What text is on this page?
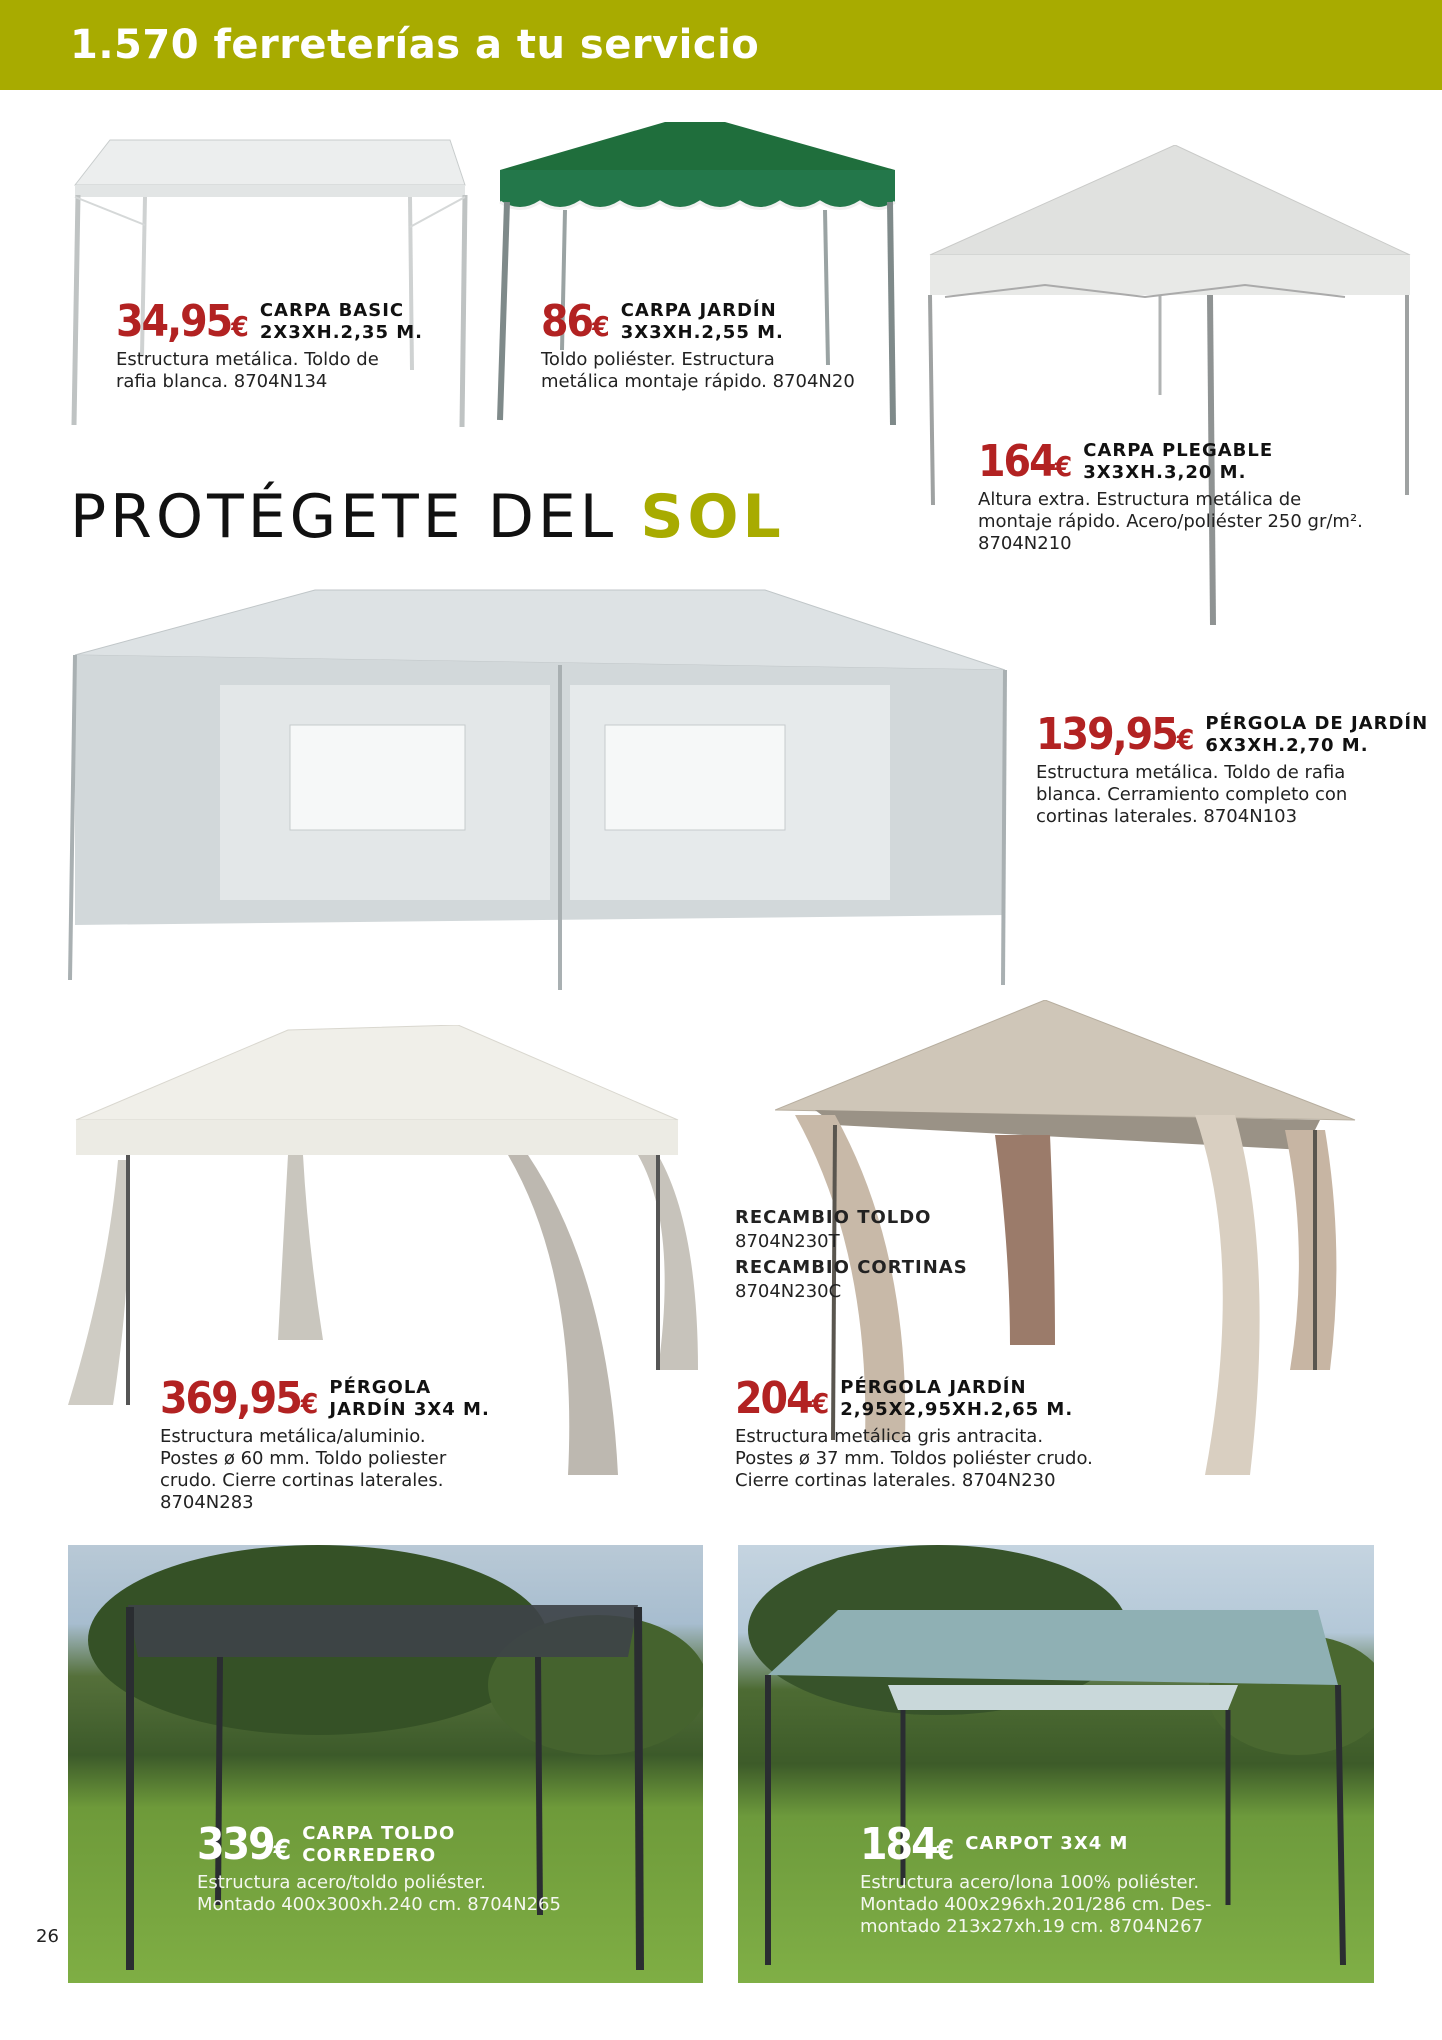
1.570 ferreterías a tu servicio
PROTÉGETE DEL SOL
34,95€ CARPA BASIC
2X3XH.2,35 M.
Estructura metálica. Toldo de
rafia blanca. 8704N134
86€ CARPA JARDÍN
3X3XH.2,55 M.
Toldo poliéster. Estructura
metálica montaje rápido. 8704N20
164€ CARPA PLEGABLE
3X3XH.3,20 M.
Altura extra. Estructura metálica de
montaje rápido. Acero/poliéster 250 gr/m².
8704N210
139,95€ PÉRGOLA DE JARDÍN
6X3XH.2,70 M.
Estructura metálica. Toldo de rafia
blanca. Cerramiento completo con
cortinas laterales. 8704N103
369,95€ PÉRGOLA
JARDÍN 3X4 M.
Estructura metálica/aluminio.
Postes ø 60 mm. Toldo poliester
crudo. Cierre cortinas laterales.
8704N283
RECAMBIO TOLDO
8704N230T
RECAMBIO CORTINAS
8704N230C
204€ PÉRGOLA JARDÍN
2,95X2,95XH.2,65 M.
Estructura metálica gris antracita.
Postes ø 37 mm. Toldos poliéster crudo.
Cierre cortinas laterales. 8704N230
339€ CARPA TOLDO
CORREDERO
Estructura acero/toldo poliéster.
Montado 400x300xh.240 cm. 8704N265
184€ CARPOT 3X4 M
Estructura acero/lona 100% poliéster.
Montado 400x296xh.201/286 cm. Des-
montado 213x27xh.19 cm. 8704N267
26
